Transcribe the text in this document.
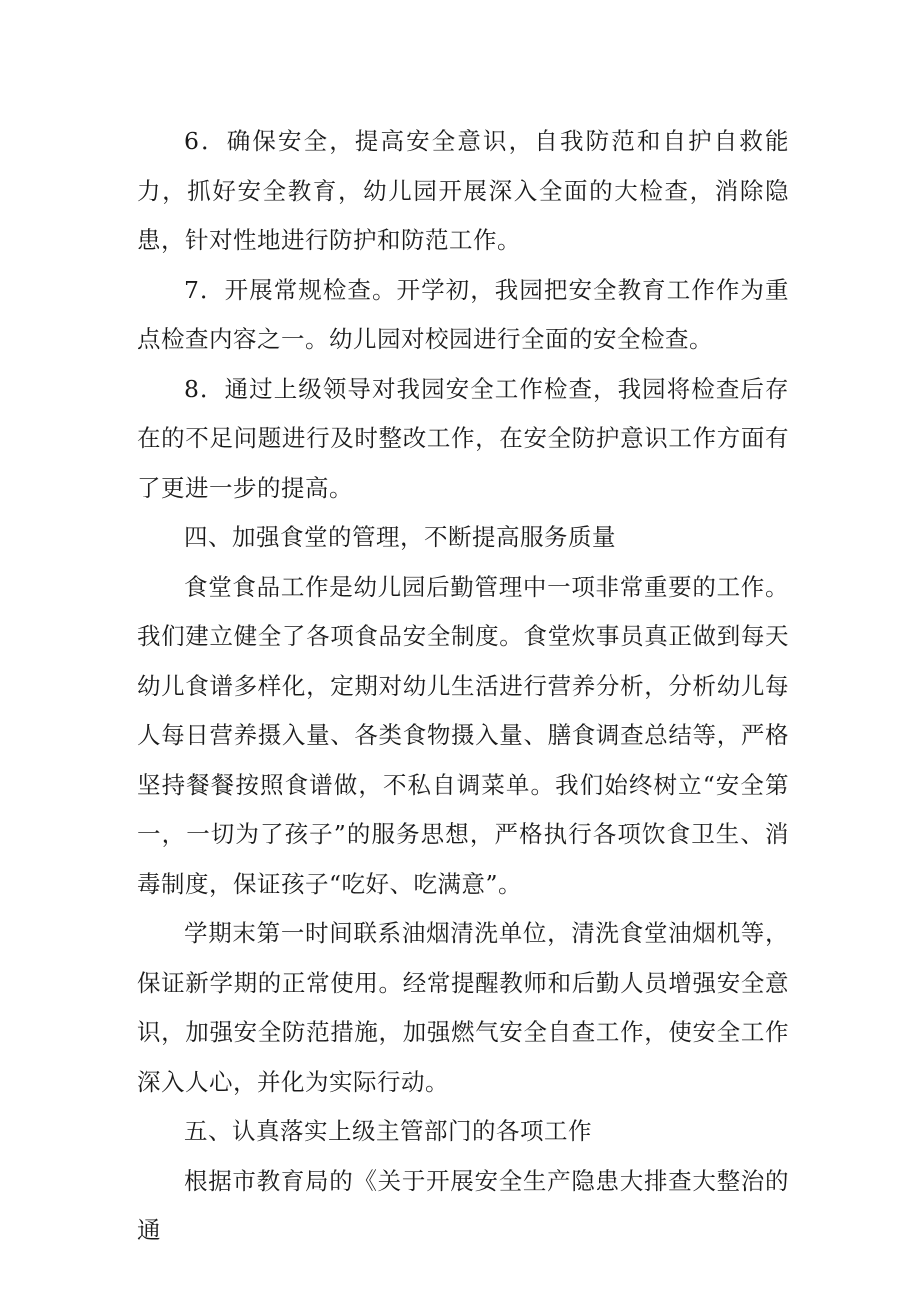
6．确保安全，提高安全意识，自我防范和自护自救能力，抓好安全教育，幼儿园开展深入全面的大检查，消除隐患，针对性地进行防护和防范工作。

7．开展常规检查。开学初，我园把安全教育工作作为重点检查内容之一。幼儿园对校园进行全面的安全检查。

8．通过上级领导对我园安全工作检查，我园将检查后存在的不足问题进行及时整改工作，在安全防护意识工作方面有了更进一步的提高。

四、加强食堂的管理，不断提高服务质量

食堂食品工作是幼儿园后勤管理中一项非常重要的工作。我们建立健全了各项食品安全制度。食堂炊事员真正做到每天幼儿食谱多样化，定期对幼儿生活进行营养分析，分析幼儿每人每日营养摄入量、各类食物摄入量、膳食调查总结等，严格坚持餐餐按照食谱做，不私自调菜单。我们始终树立“安全第一，一切为了孩子”的服务思想，严格执行各项饮食卫生、消毒制度，保证孩子“吃好、吃满意”。

学期末第一时间联系油烟清洗单位，清洗食堂油烟机等，保证新学期的正常使用。经常提醒教师和后勤人员增强安全意识，加强安全防范措施，加强燃气安全自查工作，使安全工作深入人心，并化为实际行动。

五、认真落实上级主管部门的各项工作

根据市教育局的《关于开展安全生产隐患大排查大整治的通
